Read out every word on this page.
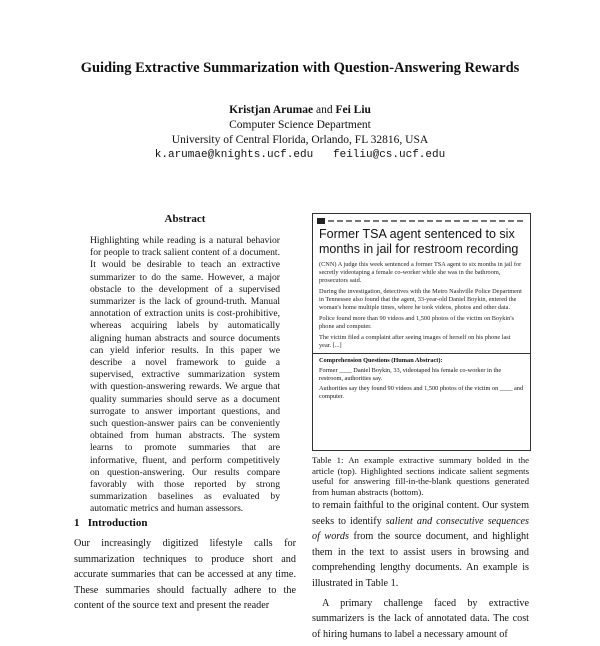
Guiding Extractive Summarization with Question-Answering Rewards
Kristjan Arumae and Fei Liu
Computer Science Department
University of Central Florida, Orlando, FL 32816, USA
k.arumae@knights.ucf.edu   feiliu@cs.ucf.edu
Abstract
Highlighting while reading is a natural behavior for people to track salient content of a document. It would be desirable to teach an extractive summarizer to do the same. However, a major obstacle to the development of a supervised summarizer is the lack of ground-truth. Manual annotation of extraction units is cost-prohibitive, whereas acquiring labels by automatically aligning human abstracts and source documents can yield inferior results. In this paper we describe a novel framework to guide a supervised, extractive summarization system with question-answering rewards. We argue that quality summaries should serve as a document surrogate to answer important questions, and such question-answer pairs can be conveniently obtained from human abstracts. The system learns to promote summaries that are informative, fluent, and perform competitively on question-answering. Our results compare favorably with those reported by strong summarization baselines as evaluated by automatic metrics and human assessors.
1   Introduction
Our increasingly digitized lifestyle calls for summarization techniques to produce short and accurate summaries that can be accessed at any time. These summaries should factually adhere to the content of the source text and present the reader
Former TSA agent sentenced to six months in jail for restroom recording

(CNN) A judge this week sentenced a former TSA agent to six months in jail for secretly videotaping a female co-worker while she was in the bathroom, prosecutors said.

During the investigation, detectives with the Metro Nashville Police Department in Tennessee also found that the agent, 33-year-old Daniel Boykin, entered the woman's home multiple times, where he took videos, photos and other data.

Police found more than 90 videos and 1,500 photos of the victim on Boykin's phone and computer.

The victim filed a complaint after seeing images of herself on his phone last year. [...]

Comprehension Questions (Human Abstract):

Former ____ Daniel Boykin, 33, videotaped his female co-worker in the restroom, authorities say.

Authorities say they found 90 videos and 1,500 photos of the victim on ____ and computer.

Table 1: An example extractive summary bolded in the article (top). Highlighted sections indicate salient segments useful for answering fill-in-the-blank questions generated from human abstracts (bottom).

to remain faithful to the original content. Our system seeks to identify salient and consecutive sequences of words from the source document, and highlight them in the text to assist users in browsing and comprehending lengthy documents. An example is illustrated in Table 1.

A primary challenge faced by extractive summarizers is the lack of annotated data. The cost of hiring humans to label a necessary amount of
